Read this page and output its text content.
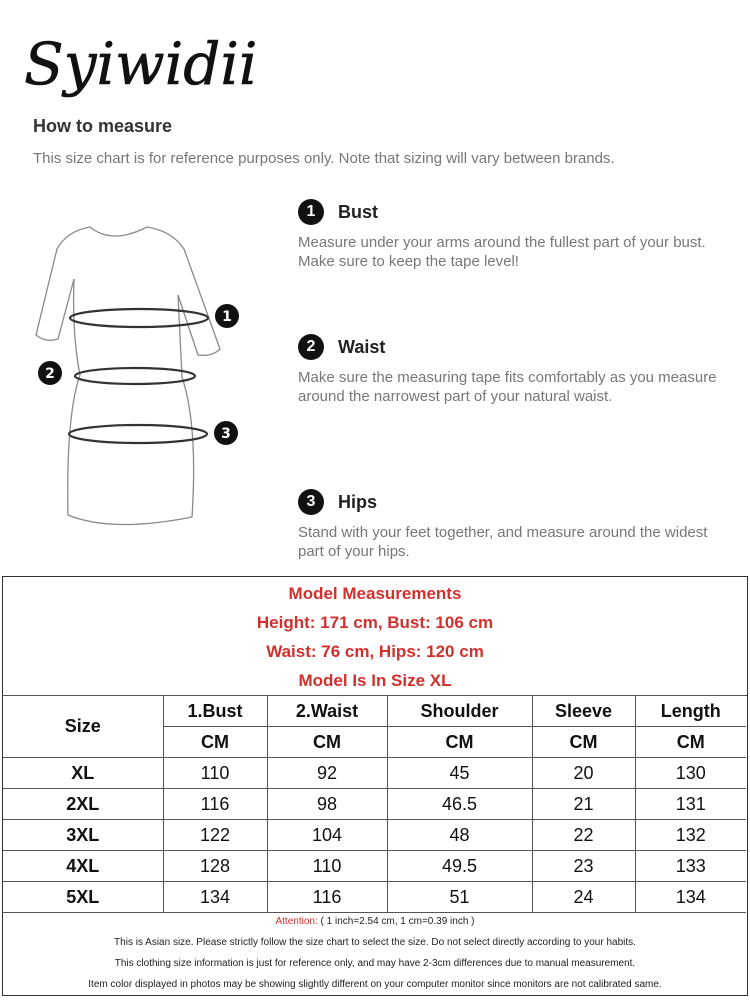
Syiwidii
How to measure
This size chart is for reference purposes only. Note that sizing will vary between brands.
1
2
3
1	Bust
Measure under your arms around the fullest part of your bust. Make sure to keep the tape level!
2	Waist
Make sure the measuring tape fits comfortably as you measure around the narrowest part of your natural waist.
3	Hips
Stand with your feet together, and measure around the widest part of your hips.
Model Measurements
Height: 171 cm, Bust: 106 cm
Waist: 76 cm, Hips: 120 cm
Model Is In Size XL
Size	1.Bust	2.Waist	Shoulder	Sleeve	Length
	CM	CM	CM	CM	CM
XL	110	92	45	20	130
2XL	116	98	46.5	21	131
3XL	122	104	48	22	132
4XL	128	110	49.5	23	133
5XL	134	116	51	24	134
Attention: ( 1 inch=2.54 cm, 1 cm=0.39 inch )
This is Asian size. Please strictly follow the size chart to select the size. Do not select directly according to your habits.
This clothing size information is just for reference only, and may have 2-3cm differences due to manual measurement.
Item color displayed in photos may be showing slightly different on your computer monitor since monitors are not calibrated same.
